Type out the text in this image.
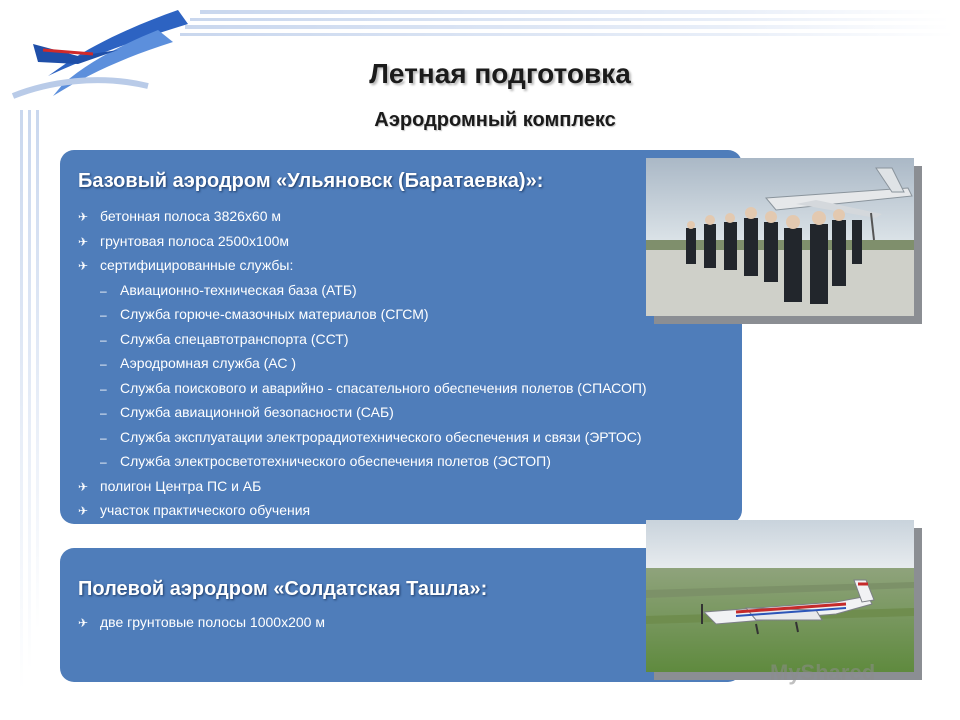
Летная подготовка
Аэродромный комплекс
Базовый аэродром «Ульяновск (Баратаевка)»:
✈ бетонная полоса 3826х60 м
✈ грунтовая полоса 2500х100м
✈ сертифицированные службы:
– Авиационно-техническая база (АТБ)
– Служба горюче-смазочных материалов (СГСМ)
– Служба спецавтотранспорта (ССТ)
– Аэродромная служба (АС )
– Служба поискового и аварийно - спасательного обеспечения полетов (СПАСОП)
– Служба авиационной безопасности (САБ)
– Служба эксплуатации электрорадиотехнического обеспечения и связи (ЭРТОС)
– Служба электросветотехнического обеспечения полетов (ЭСТОП)
✈ полигон Центра ПС и АБ
✈ участок практического обучения
Полевой аэродром «Солдатская Ташла»:
✈ две грунтовые полосы 1000х200 м
MyShared
